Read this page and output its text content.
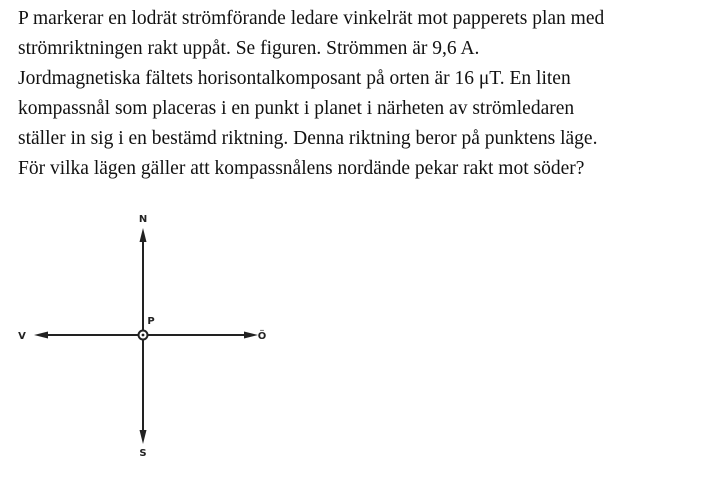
P markerar en lodrät strömförande ledare vinkelrät mot papperets plan med
strömriktningen rakt uppåt. Se figuren. Strömmen är 9,6 A.
Jordmagnetiska fältets horisontalkomposant på orten är 16 μT. En liten
kompassnål som placeras i en punkt i planet i närheten av strömledaren
ställer in sig i en bestämd riktning. Denna riktning beror på punktens läge.
För vilka lägen gäller att kompassnålens nordände pekar rakt mot söder?
N
S
V	Ö
P
